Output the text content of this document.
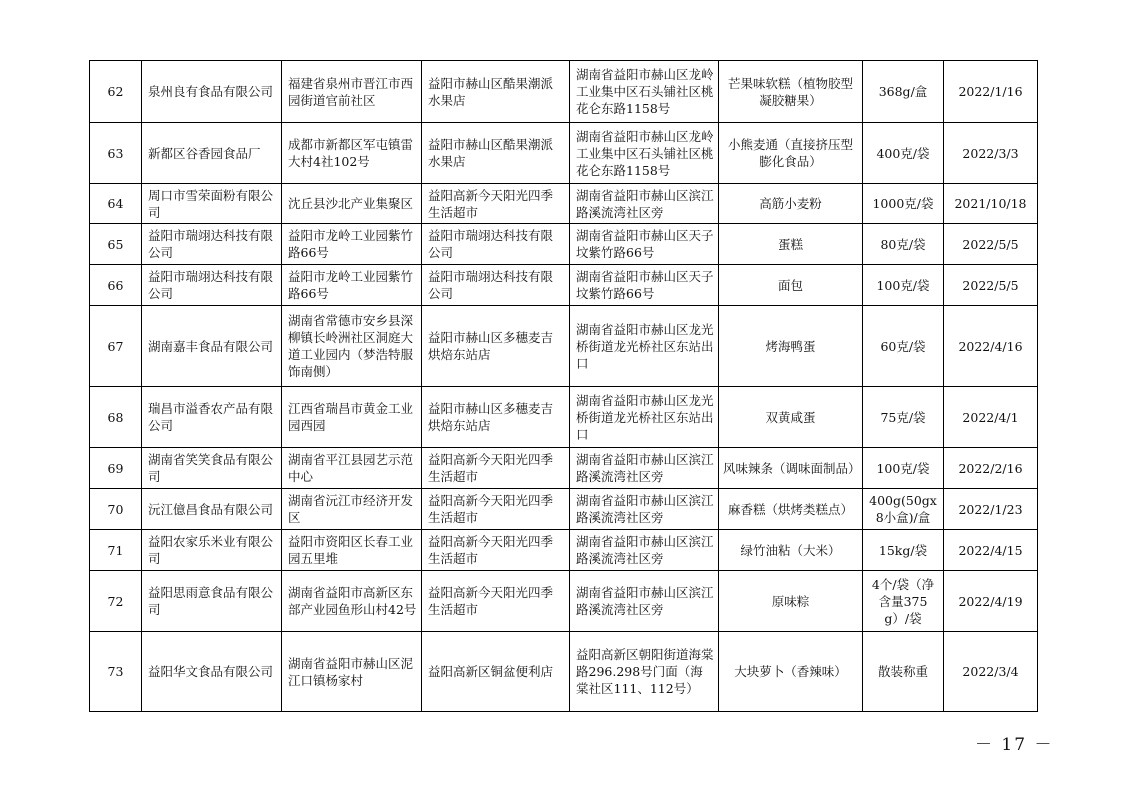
62	泉州良有食品有限公司	福建省泉州市晋江市西园街道官前社区	益阳市赫山区酷果潮派水果店	湖南省益阳市赫山区龙岭工业集中区石头铺社区桃花仑东路1158号	芒果味软糕（植物胶型凝胶糖果）	368g/盒	2022/1/16
63	新都区谷香园食品厂	成都市新都区军屯镇雷大村4社102号	益阳市赫山区酷果潮派水果店	湖南省益阳市赫山区龙岭工业集中区石头铺社区桃花仑东路1158号	小熊麦通（直接挤压型膨化食品）	400克/袋	2022/3/3
64	周口市雪荣面粉有限公司	沈丘县沙北产业集聚区	益阳高新今天阳光四季生活超市	湖南省益阳市赫山区滨江路溪流湾社区旁	高筋小麦粉	1000克/袋	2021/10/18
65	益阳市瑞翊达科技有限公司	益阳市龙岭工业园紫竹路66号	益阳市瑞翊达科技有限公司	湖南省益阳市赫山区天子坟紫竹路66号	蛋糕	80克/袋	2022/5/5
66	益阳市瑞翊达科技有限公司	益阳市龙岭工业园紫竹路66号	益阳市瑞翊达科技有限公司	湖南省益阳市赫山区天子坟紫竹路66号	面包	100克/袋	2022/5/5
67	湖南嘉丰食品有限公司	湖南省常德市安乡县深柳镇长岭洲社区洞庭大道工业园内（梦浩特服饰南侧）	益阳市赫山区多穗麦吉烘焙东站店	湖南省益阳市赫山区龙光桥街道龙光桥社区东站出口	烤海鸭蛋	60克/袋	2022/4/16
68	瑞昌市溢香农产品有限公司	江西省瑞昌市黄金工业园西园	益阳市赫山区多穗麦吉烘焙东站店	湖南省益阳市赫山区龙光桥街道龙光桥社区东站出口	双黄咸蛋	75克/袋	2022/4/1
69	湖南省笑笑食品有限公司	湖南省平江县园艺示范中心	益阳高新今天阳光四季生活超市	湖南省益阳市赫山区滨江路溪流湾社区旁	风味辣条（调味面制品）	100克/袋	2022/2/16
70	沅江億昌食品有限公司	湖南省沅江市经济开发区	益阳高新今天阳光四季生活超市	湖南省益阳市赫山区滨江路溪流湾社区旁	麻香糕（烘烤类糕点）	400g(50gx8小盒)/盒	2022/1/23
71	益阳农家乐米业有限公司	益阳市资阳区长春工业园五里堆	益阳高新今天阳光四季生活超市	湖南省益阳市赫山区滨江路溪流湾社区旁	绿竹油粘（大米）	15kg/袋	2022/4/15
72	益阳思雨意食品有限公司	湖南省益阳市高新区东部产业园鱼形山村42号	益阳高新今天阳光四季生活超市	湖南省益阳市赫山区滨江路溪流湾社区旁	原味粽	4个/袋（净含量375g）/袋	2022/4/19
73	益阳华文食品有限公司	湖南省益阳市赫山区泥江口镇杨家村	益阳高新区铜盆便利店	益阳高新区朝阳街道海棠路296.298号门面（海棠社区111、112号）	大块萝卜（香辣味）	散装称重	2022/3/4
－ 17 －
